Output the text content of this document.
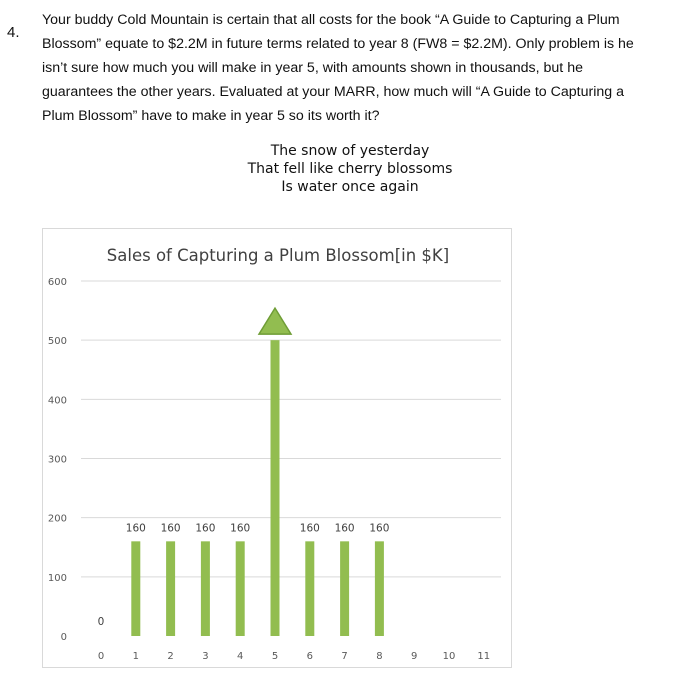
4.
Your buddy Cold Mountain is certain that all costs for the book “A Guide to Capturing a Plum
Blossom” equate to $2.2M in future terms related to year 8 (FW8 = $2.2M). Only problem is he
isn’t sure how much you will make in year 5, with amounts shown in thousands, but he
guarantees the other years. Evaluated at your MARR, how much will “A Guide to Capturing a
Plum Blossom” have to make in year 5 so its worth it?
The snow of yesterday
That fell like cherry blossoms
Is water once again
Sales of Capturing a Plum Blossom[in $K]
0
100
200
300
400
500
600
0
0
1
160
2
160
3
160
4
160
5	6
160
7
160
8
160
9	10 11
